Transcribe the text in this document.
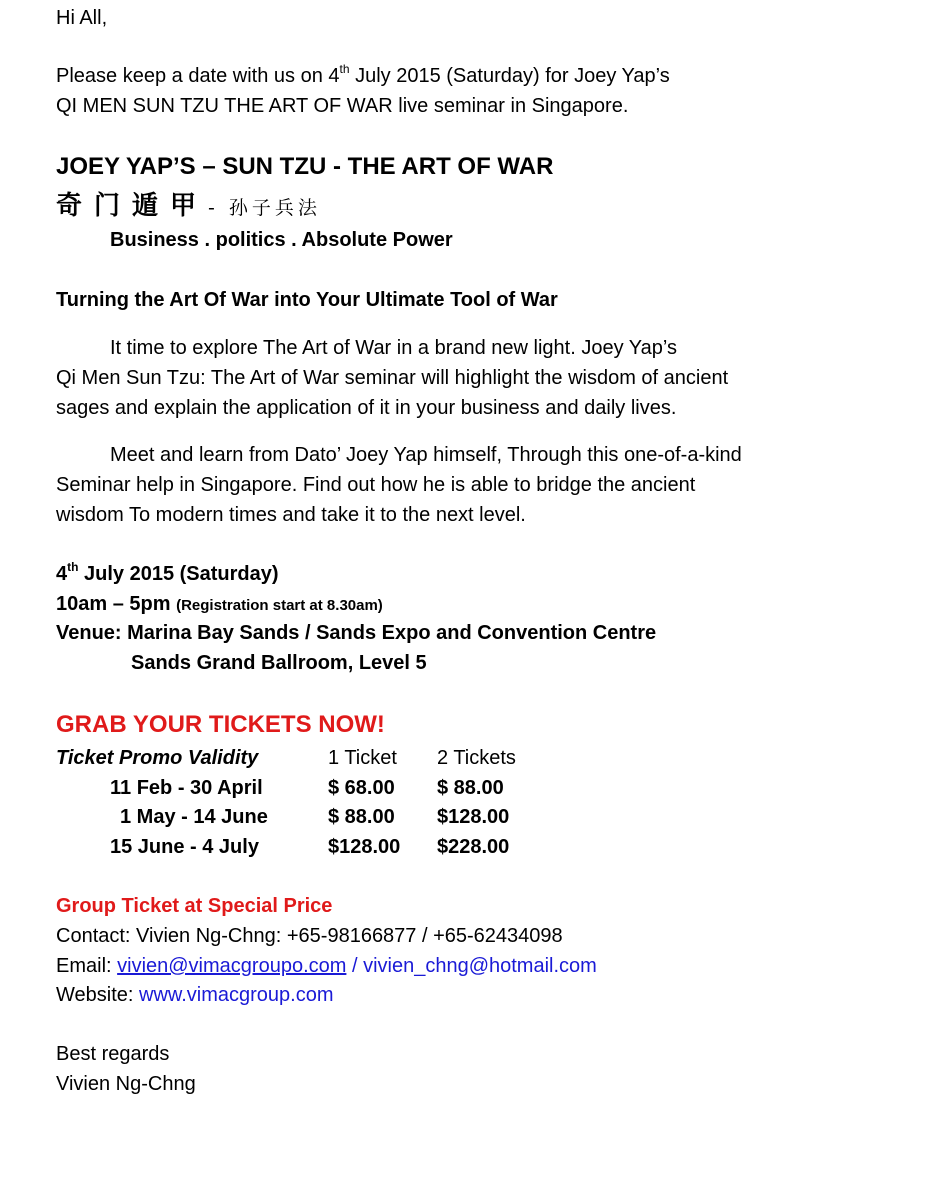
Hi All,
Please keep a date with us on 4th July 2015 (Saturday) for Joey Yap’s
QI MEN SUN TZU THE ART OF WAR live seminar in Singapore.
JOEY YAP’S – SUN TZU - THE ART OF WAR
奇门遁甲- 孙子兵法
Business . politics . Absolute Power
Turning the Art Of War into Your Ultimate Tool of War
It time to explore The Art of War in a brand new light. Joey Yap’s
Qi Men Sun Tzu: The Art of War seminar will highlight the wisdom of ancient
sages and explain the application of it in your business and daily lives.
Meet and learn from Dato’ Joey Yap himself, Through this one-of-a-kind
Seminar help in Singapore. Find out how he is able to bridge the ancient
wisdom To modern times and take it to the next level.
4th July 2015 (Saturday)
10am – 5pm (Registration start at 8.30am)
Venue: Marina Bay Sands / Sands Expo and Convention Centre
Sands Grand Ballroom, Level 5
GRAB YOUR TICKETS NOW!
Ticket Promo Validity	1 Ticket 2 Tickets
11 Feb - 30 April	$ 68.00 $ 88.00
1 May - 14 June	$ 88.00 $128.00
15 June - 4 July	$128.00 $228.00
Group Ticket at Special Price
Contact: Vivien Ng-Chng: +65-98166877 / +65-62434098
Email: vivien@vimacgroupo.com / vivien_chng@hotmail.com
Website: www.vimacgroup.com
Best regards
Vivien Ng-Chng
